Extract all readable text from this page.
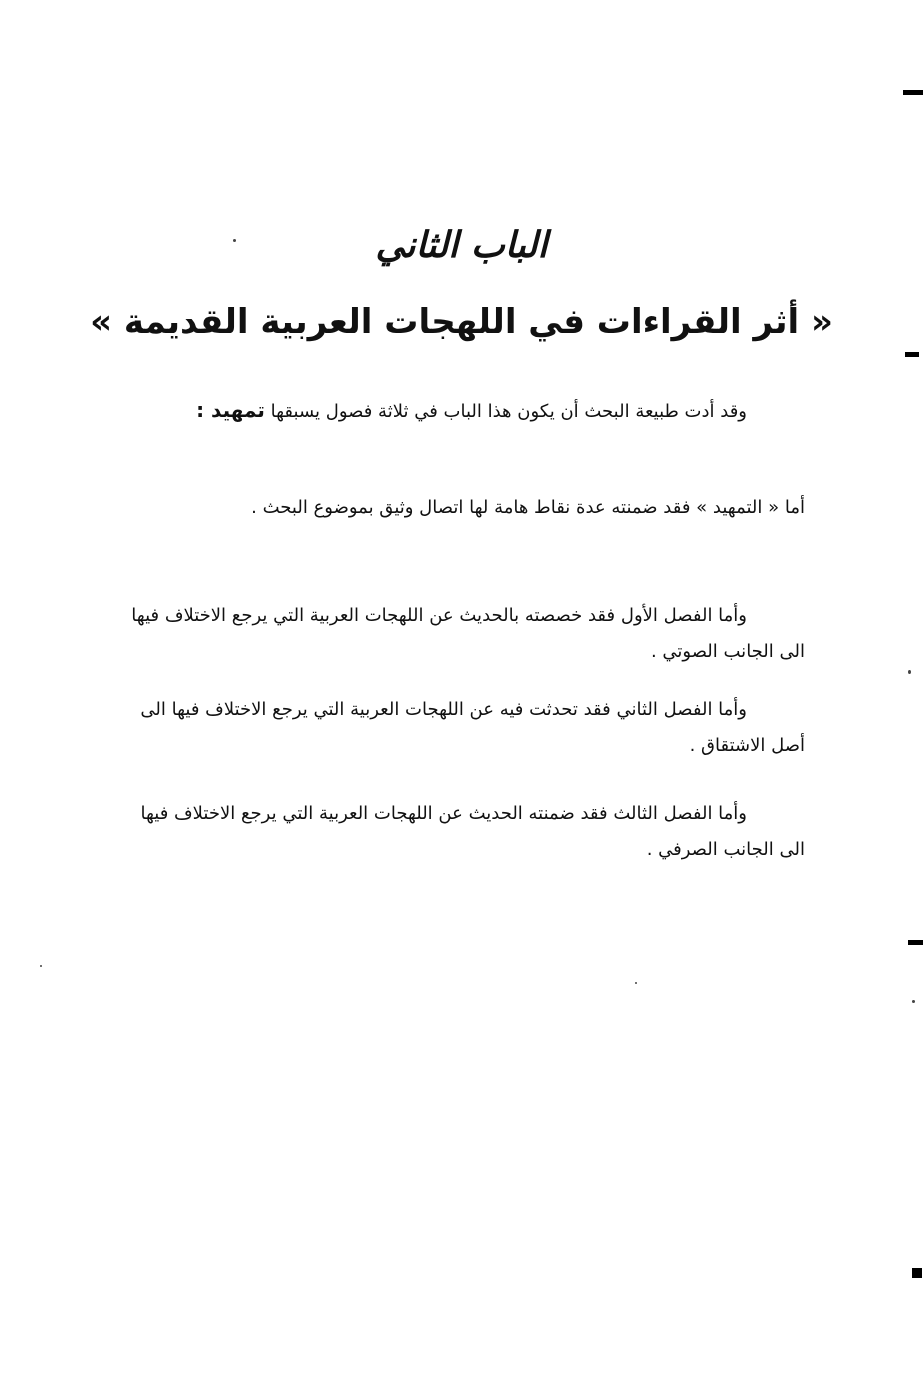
الباب الثاني
« أثر القراءات في اللهجات العربية القديمة »

وقد أدت طبيعة البحث أن يكون هذا الباب في ثلاثة فصول يسبقها تمهيد :

أما « التمهيد » فقد ضمنته عدة نقاط هامة لها اتصال وثيق بموضوع البحث .

وأما الفصل الأول فقد خصصته بالحديث عن اللهجات العربية التي يرجع الاختلاف فيها الى الجانب الصوتي .

وأما الفصل الثاني فقد تحدثت فيه عن اللهجات العربية التي يرجع الاختلاف فيها الى أصل الاشتقاق .

وأما الفصل الثالث فقد ضمنته الحديث عن اللهجات العربية التي يرجع الاختلاف فيها الى الجانب الصرفي .
